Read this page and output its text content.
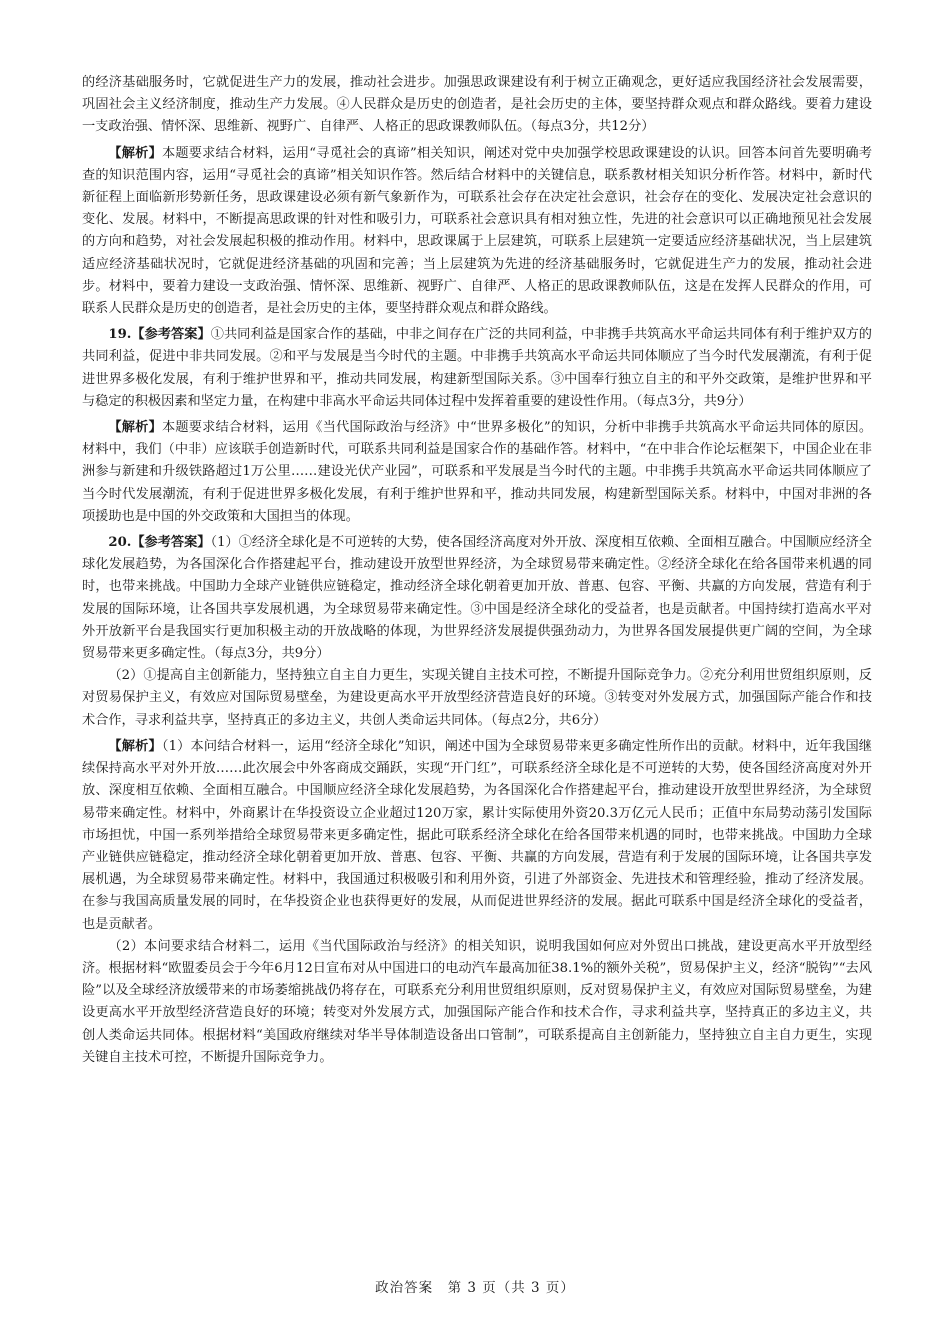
的经济基础服务时，它就促进生产力的发展，推动社会进步。加强思政课建设有利于树立正确观念，更好适应我国经济社会发展需要，巩固社会主义经济制度，推动生产力发展。④人民群众是历史的创造者，是社会历史的主体，要坚持群众观点和群众路线。要着力建设一支政治强、情怀深、思维新、视野广、自律严、人格正的思政课教师队伍。（每点3分，共12分）

【解析】本题要求结合材料，运用“寻觅社会的真谛”相关知识，阐述对党中央加强学校思政课建设的认识。回答本问首先要明确考查的知识范围内容，运用“寻觅社会的真谛”相关知识作答。然后结合材料中的关键信息，联系教材相关知识分析作答。材料中，新时代新征程上面临新形势新任务，思政课建设必须有新气象新作为，可联系社会存在决定社会意识，社会存在的变化、发展决定社会意识的变化、发展。材料中，不断提高思政课的针对性和吸引力，可联系社会意识具有相对独立性，先进的社会意识可以正确地预见社会发展的方向和趋势，对社会发展起积极的推动作用。材料中，思政课属于上层建筑，可联系上层建筑一定要适应经济基础状况，当上层建筑适应经济基础状况时，它就促进经济基础的巩固和完善；当上层建筑为先进的经济基础服务时，它就促进生产力的发展，推动社会进步。材料中，要着力建设一支政治强、情怀深、思维新、视野广、自律严、人格正的思政课教师队伍，这是在发挥人民群众的作用，可联系人民群众是历史的创造者，是社会历史的主体，要坚持群众观点和群众路线。

19.【参考答案】①共同利益是国家合作的基础，中非之间存在广泛的共同利益，中非携手共筑高水平命运共同体有利于维护双方的共同利益，促进中非共同发展。②和平与发展是当今时代的主题。中非携手共筑高水平命运共同体顺应了当今时代发展潮流，有利于促进世界多极化发展，有利于维护世界和平，推动共同发展，构建新型国际关系。③中国奉行独立自主的和平外交政策，是维护世界和平与稳定的积极因素和坚定力量，在构建中非高水平命运共同体过程中发挥着重要的建设性作用。（每点3分，共9分）

【解析】本题要求结合材料，运用《当代国际政治与经济》中“世界多极化”的知识，分析中非携手共筑高水平命运共同体的原因。材料中，我们（中非）应该联手创造新时代，可联系共同利益是国家合作的基础作答。材料中，“在中非合作论坛框架下，中国企业在非洲参与新建和升级铁路超过1万公里……建设光伏产业园”，可联系和平发展是当今时代的主题。中非携手共筑高水平命运共同体顺应了当今时代发展潮流，有利于促进世界多极化发展，有利于维护世界和平，推动共同发展，构建新型国际关系。材料中，中国对非洲的各项援助也是中国的外交政策和大国担当的体现。

20.【参考答案】（1）①经济全球化是不可逆转的大势，使各国经济高度对外开放、深度相互依赖、全面相互融合。中国顺应经济全球化发展趋势，为各国深化合作搭建起平台，推动建设开放型世界经济，为全球贸易带来确定性。②经济全球化在给各国带来机遇的同时，也带来挑战。中国助力全球产业链供应链稳定，推动经济全球化朝着更加开放、普惠、包容、平衡、共赢的方向发展，营造有利于发展的国际环境，让各国共享发展机遇，为全球贸易带来确定性。③中国是经济全球化的受益者，也是贡献者。中国持续打造高水平对外开放新平台是我国实行更加积极主动的开放战略的体现，为世界经济发展提供强劲动力，为世界各国发展提供更广阔的空间，为全球贸易带来更多确定性。（每点3分，共9分）

（2）①提高自主创新能力，坚持独立自主自力更生，实现关键自主技术可控，不断提升国际竞争力。②充分利用世贸组织原则，反对贸易保护主义，有效应对国际贸易壁垒，为建设更高水平开放型经济营造良好的环境。③转变对外发展方式，加强国际产能合作和技术合作，寻求利益共享，坚持真正的多边主义，共创人类命运共同体。（每点2分，共6分）

【解析】（1）本问结合材料一，运用“经济全球化”知识，阐述中国为全球贸易带来更多确定性所作出的贡献。材料中，近年我国继续保持高水平对外开放……此次展会中外客商成交踊跃，实现“开门红”，可联系经济全球化是不可逆转的大势，使各国经济高度对外开放、深度相互依赖、全面相互融合。中国顺应经济全球化发展趋势，为各国深化合作搭建起平台，推动建设开放型世界经济，为全球贸易带来确定性。材料中，外商累计在华投资设立企业超过120万家，累计实际使用外资20.3万亿元人民币；正值中东局势动荡引发国际市场担忧，中国一系列举措给全球贸易带来更多确定性，据此可联系经济全球化在给各国带来机遇的同时，也带来挑战。中国助力全球产业链供应链稳定，推动经济全球化朝着更加开放、普惠、包容、平衡、共赢的方向发展，营造有利于发展的国际环境，让各国共享发展机遇，为全球贸易带来确定性。材料中，我国通过积极吸引和利用外资，引进了外部资金、先进技术和管理经验，推动了经济发展。在参与我国高质量发展的同时，在华投资企业也获得更好的发展，从而促进世界经济的发展。据此可联系中国是经济全球化的受益者，也是贡献者。

（2）本问要求结合材料二，运用《当代国际政治与经济》的相关知识，说明我国如何应对外贸出口挑战，建设更高水平开放型经济。根据材料“欧盟委员会于今年6月12日宣布对从中国进口的电动汽车最高加征38.1%的额外关税”，贸易保护主义，经济“脱钩”“去风险”以及全球经济放缓带来的市场萎缩挑战仍将存在，可联系充分利用世贸组织原则，反对贸易保护主义，有效应对国际贸易壁垒，为建设更高水平开放型经济营造良好的环境；转变对外发展方式，加强国际产能合作和技术合作，寻求利益共享，坚持真正的多边主义，共创人类命运共同体。根据材料“美国政府继续对华半导体制造设备出口管制”，可联系提高自主创新能力，坚持独立自主自力更生，实现关键自主技术可控，不断提升国际竞争力。

政治答案　第 3 页（共 3 页）
